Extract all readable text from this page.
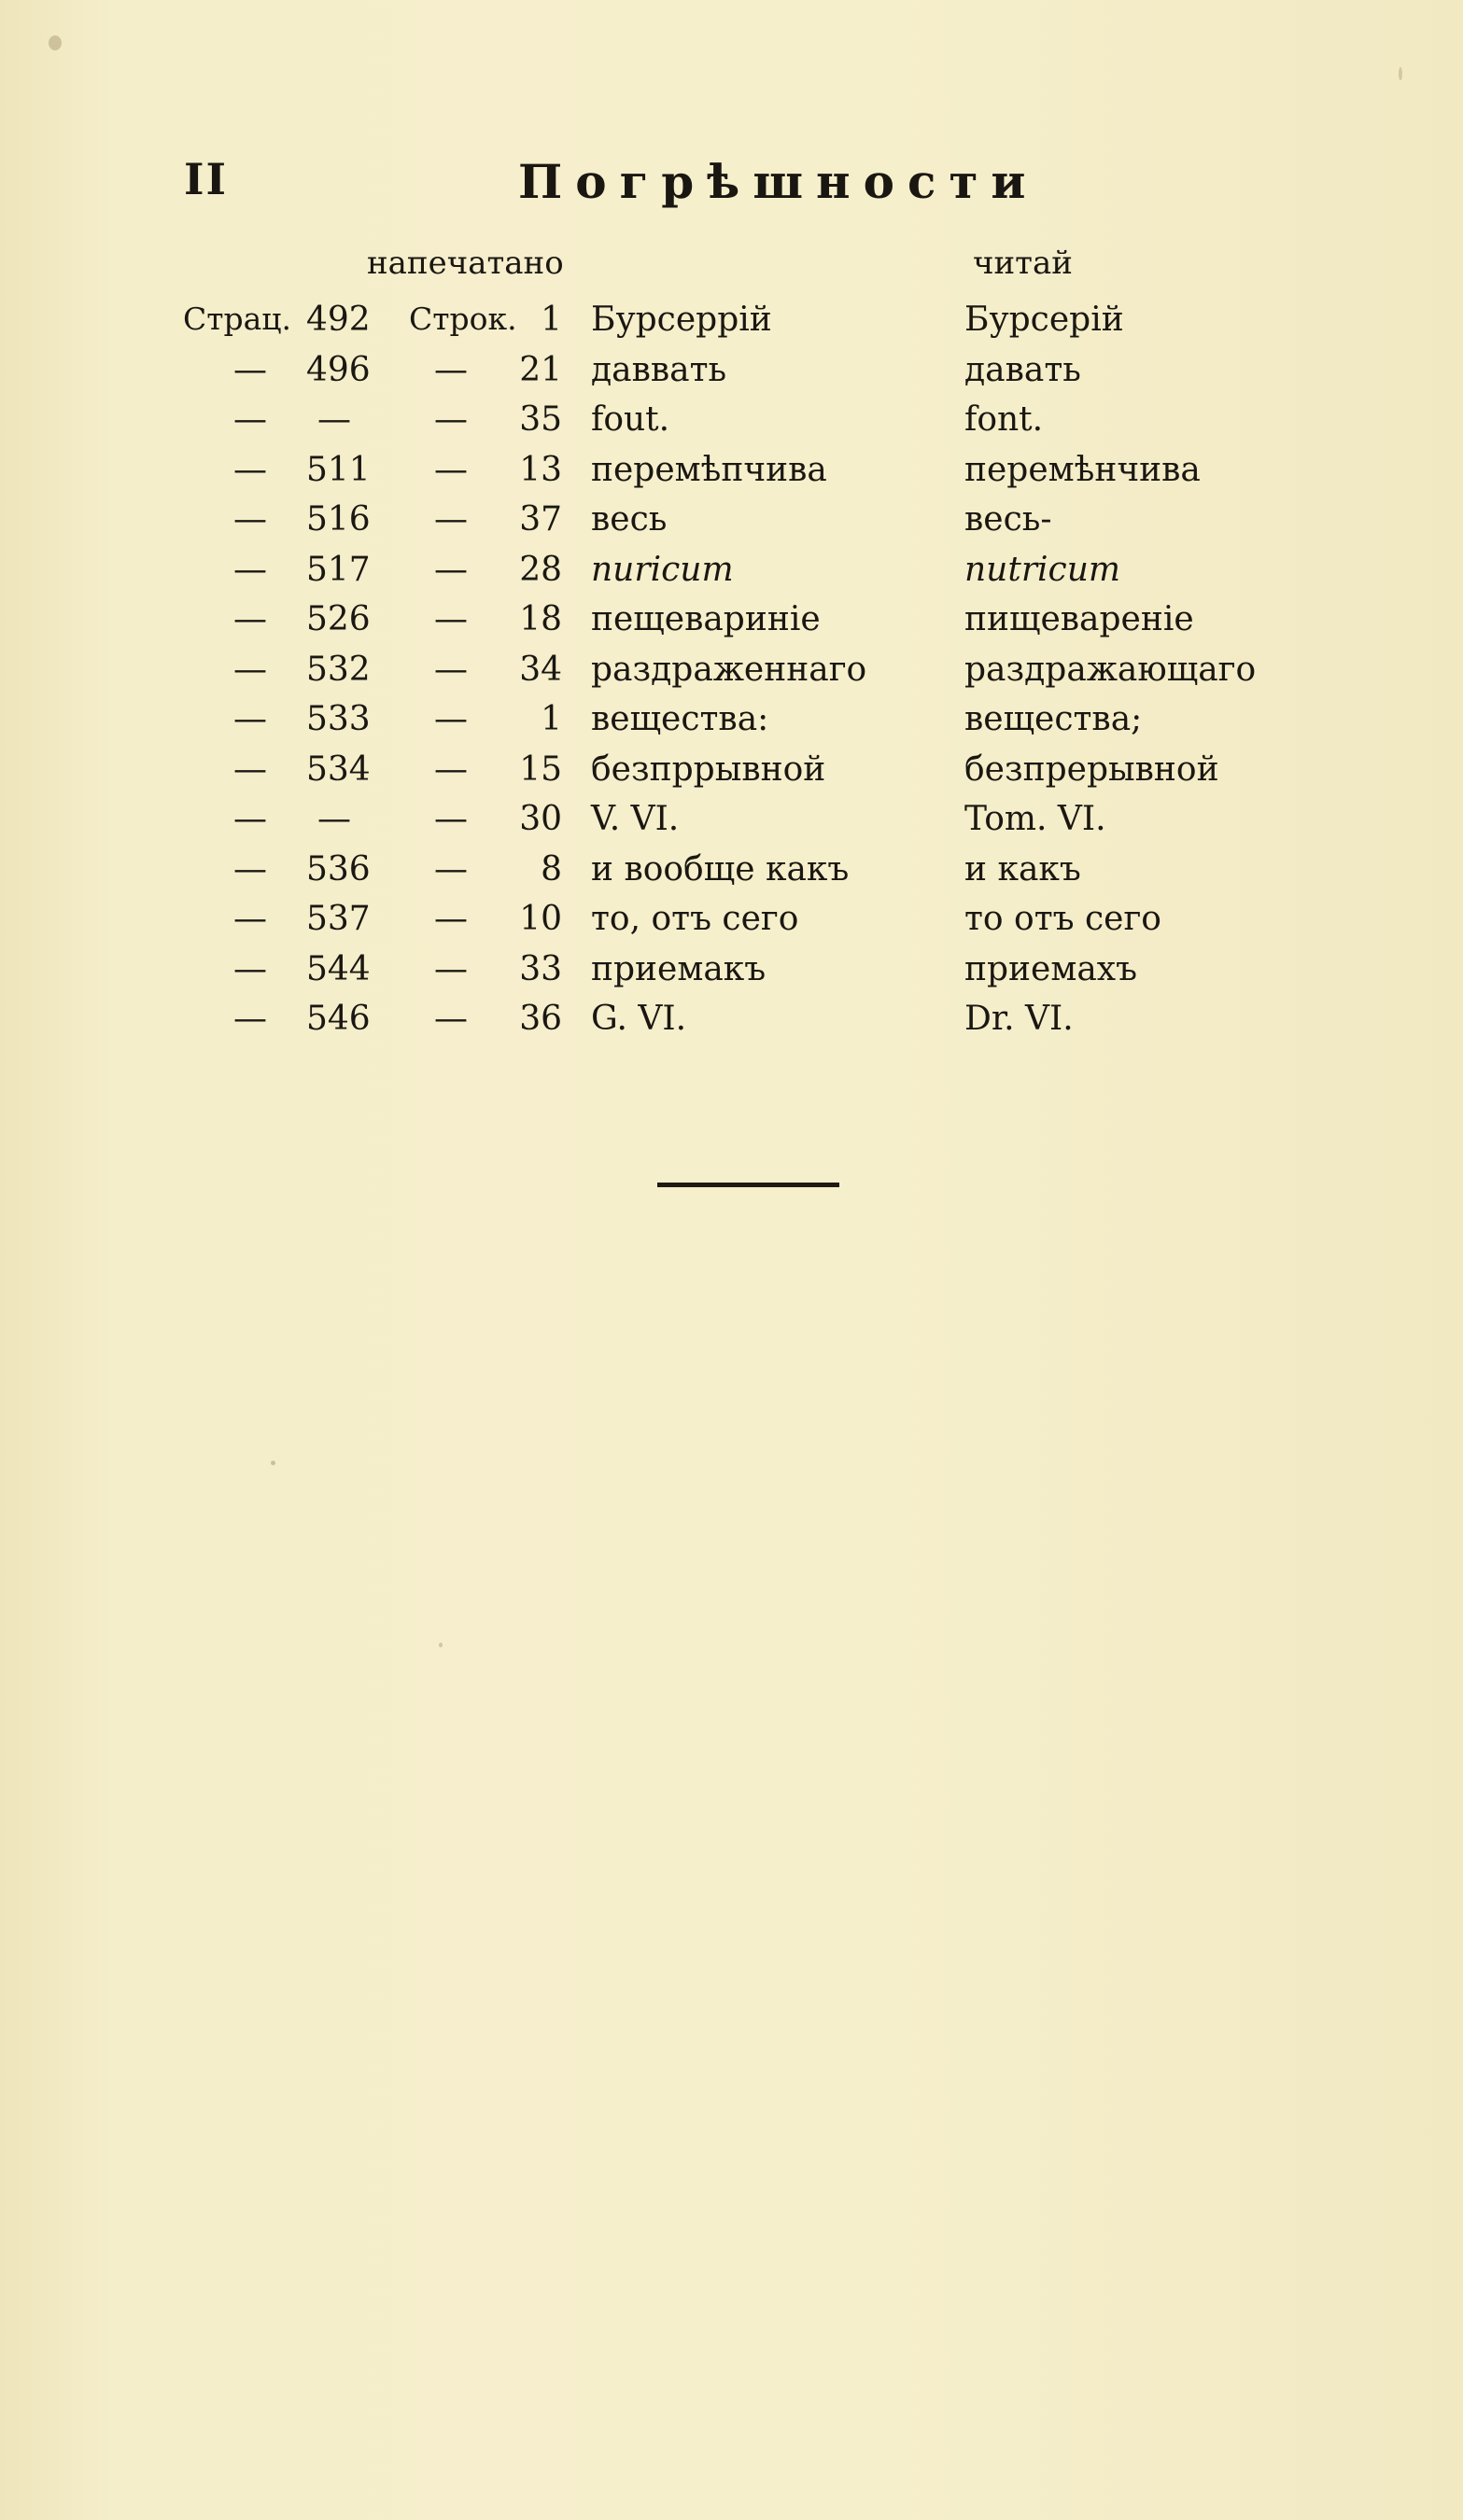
II	Погрѣшности
напечатано	читай
Страц. 492 Строк. 1 Бурсеррій	Бурсерій
— 496 — 21 даввать	давать
— — — 35 fout.	font.
— 511 — 13 перемѣпчива	перемѣнчива
— 516 — 37 весь	весь-
— 517 — 28 nuricum	nutricum
— 526 — 18 пещевариніе	пищевареніе
— 532 — 34 раздраженнаго	раздражающаго
— 533 — 1 вещества:	вещества;
— 534 — 15 безпррывной	безпрерывной
— — — 30 V. VI.	Tom. VI.
— 536 — 8 и вообще какъ	и какъ
— 537 — 10 то, отъ сего	то отъ сего
— 544 — 33 приемакъ	приемахъ
— 546 — 36 G. VI.	Dr. VI.
